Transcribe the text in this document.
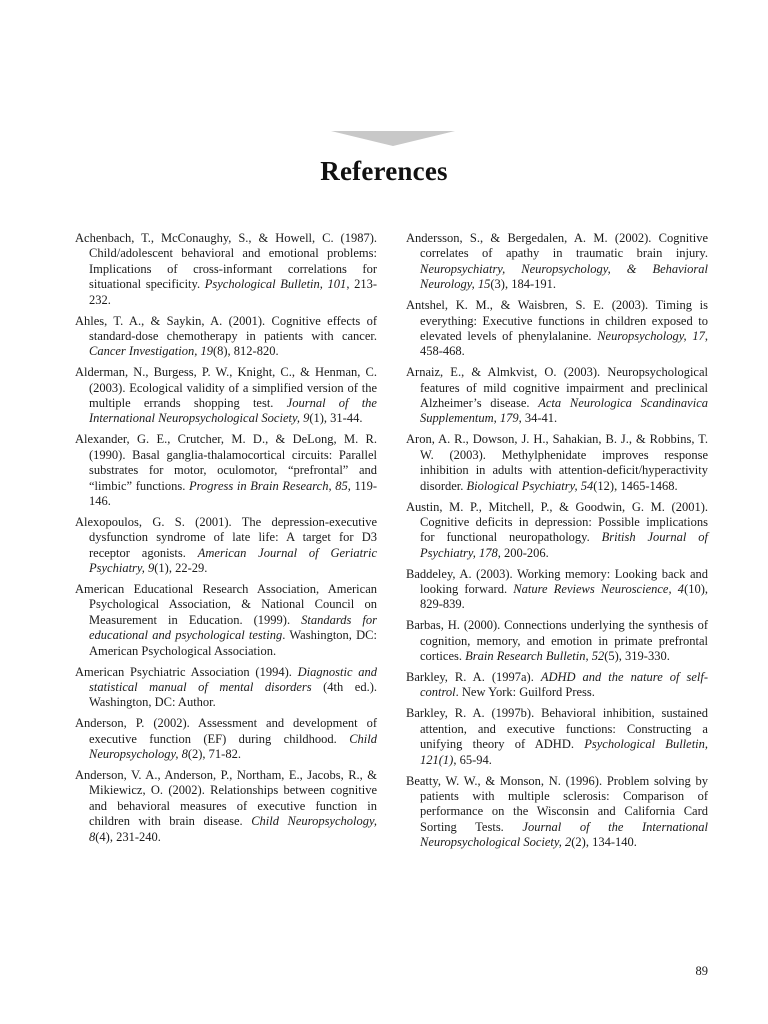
References

Achenbach, T., McConaughy, S., & Howell, C. (1987). Child/adolescent behavioral and emotional problems: Implications of cross-informant correlations for situational specificity. Psychological Bulletin, 101, 213-232.

Ahles, T. A., & Saykin, A. (2001). Cognitive effects of standard-dose chemotherapy in patients with cancer. Cancer Investigation, 19(8), 812-820.

Alderman, N., Burgess, P. W., Knight, C., & Henman, C. (2003). Ecological validity of a simplified version of the multiple errands shopping test. Journal of the International Neuropsychological Society, 9(1), 31-44.

Alexander, G. E., Crutcher, M. D., & DeLong, M. R. (1990). Basal ganglia-thalamocortical circuits: Parallel substrates for motor, oculomotor, “prefrontal” and “limbic” functions. Progress in Brain Research, 85, 119-146.

Alexopoulos, G. S. (2001). The depression-executive dysfunction syndrome of late life: A target for D3 receptor agonists. American Journal of Geriatric Psychiatry, 9(1), 22-29.

American Educational Research Association, American Psychological Association, & National Council on Measurement in Education. (1999). Standards for educational and psychological testing. Washington, DC: American Psychological Association.

American Psychiatric Association (1994). Diagnostic and statistical manual of mental disorders (4th ed.). Washington, DC: Author.

Anderson, P. (2002). Assessment and development of executive function (EF) during childhood. Child Neuropsychology, 8(2), 71-82.

Anderson, V. A., Anderson, P., Northam, E., Jacobs, R., & Mikiewicz, O. (2002). Relationships between cognitive and behavioral measures of executive function in children with brain disease. Child Neuropsychology, 8(4), 231-240.

Andersson, S., & Bergedalen, A. M. (2002). Cognitive correlates of apathy in traumatic brain injury. Neuropsychiatry, Neuropsychology, & Behavioral Neurology, 15(3), 184-191.

Antshel, K. M., & Waisbren, S. E. (2003). Timing is everything: Executive functions in children exposed to elevated levels of phenylalanine. Neuropsychology, 17, 458-468.

Arnaiz, E., & Almkvist, O. (2003). Neuropsychological features of mild cognitive impairment and preclinical Alzheimer’s disease. Acta Neurologica Scandinavica Supplementum, 179, 34-41.

Aron, A. R., Dowson, J. H., Sahakian, B. J., & Robbins, T. W. (2003). Methylphenidate improves response inhibition in adults with attention-deficit/hyperactivity disorder. Biological Psychiatry, 54(12), 1465-1468.

Austin, M. P., Mitchell, P., & Goodwin, G. M. (2001). Cognitive deficits in depression: Possible implications for functional neuropathology. British Journal of Psychiatry, 178, 200-206.

Baddeley, A. (2003). Working memory: Looking back and looking forward. Nature Reviews Neuroscience, 4(10), 829-839.

Barbas, H. (2000). Connections underlying the synthesis of cognition, memory, and emotion in primate prefrontal cortices. Brain Research Bulletin, 52(5), 319-330.

Barkley, R. A. (1997a). ADHD and the nature of self-control. New York: Guilford Press.

Barkley, R. A. (1997b). Behavioral inhibition, sustained attention, and executive functions: Constructing a unifying theory of ADHD. Psychological Bulletin, 121(1), 65-94.

Beatty, W. W., & Monson, N. (1996). Problem solving by patients with multiple sclerosis: Comparison of performance on the Wisconsin and California Card Sorting Tests. Journal of the International Neuropsychological Society, 2(2), 134-140.

89
